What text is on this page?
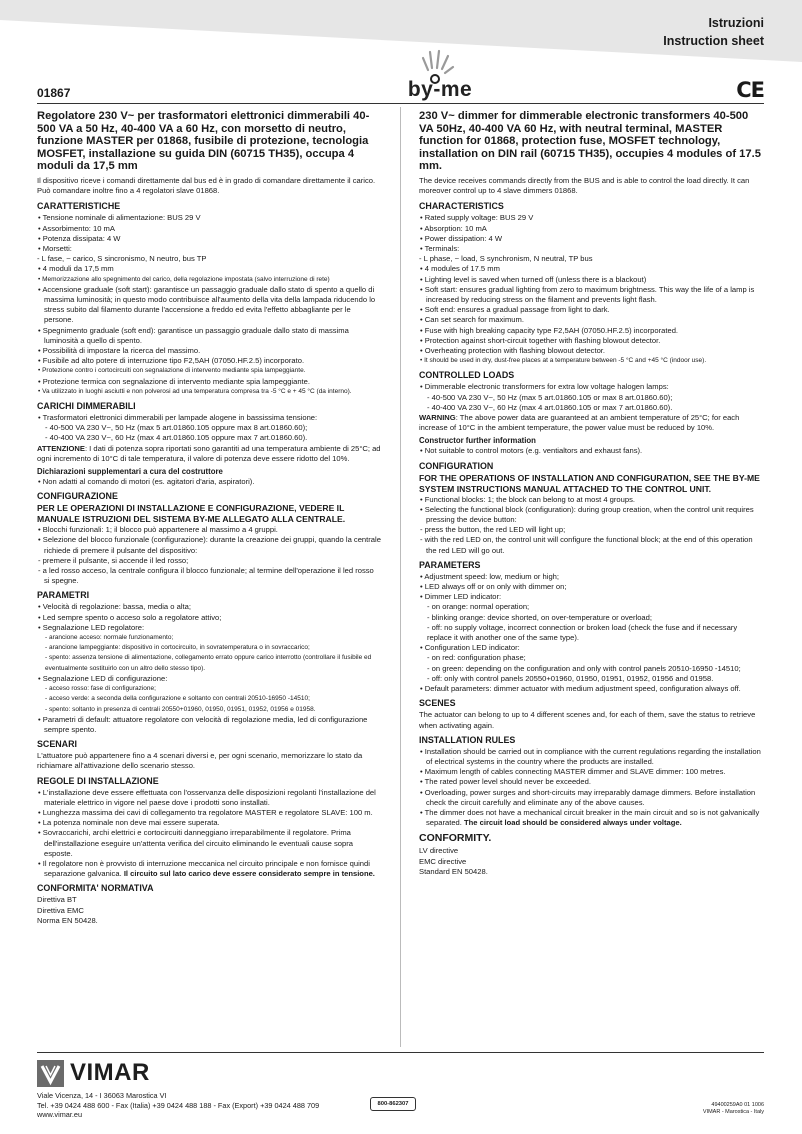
Istruzioni
Instruction sheet
by-me
01867	CE
Regolatore 230 V~ per trasformatori elettronici dimmerabili 40-500 VA a 50 Hz, 40-400 VA a 60 Hz, con morsetto di neutro, funzione MASTER per 01868, fusibile di protezione, tecnologia MOSFET, installazione su guida DIN (60715 TH35), occupa 4 moduli da 17,5 mm

Il dispositivo riceve i comandi direttamente dal bus ed è in grado di comandare direttamente il carico. Può comandare inoltre fino a 4 regolatori slave 01868.

CARATTERISTICHE
• Tensione nominale di alimentazione: BUS 29 V
• Assorbimento: 10 mA
• Potenza dissipata: 4 W
• Morsetti:

- L fase, ~ carico, S sincronismo, N neutro, bus TP

• 4 moduli da 17,5 mm
• Memorizzazione allo spegnimento del carico, della regolazione impostata (salvo interruzione di rete)
• Accensione graduale (soft start): garantisce un passaggio graduale dallo stato di spento a quello di massima luminosità; in questo modo contribuisce all'aumento della vita della lampada riducendo lo stress subito dal filamento durante l'accensione a freddo ed evita l'effetto abbagliante per le persone.
• Spegnimento graduale (soft end): garantisce un passaggio graduale dallo stato di massima luminosità a quello di spento.
• Possibilità di impostare la ricerca del massimo.
• Fusibile ad alto potere di interruzione tipo F2,5AH (07050.HF.2.5) incorporato.
• Protezione contro i cortocircuiti con segnalazione di intervento mediante spia lampeggiante.
• Protezione termica con segnalazione di intervento mediante spia lampeggiante.
• Va utilizzato in luoghi asciutti e non polverosi ad una temperatura compresa tra -5 °C e + 45 °C (da interno).
CARICHI DIMMERABILI
• Trasformatori elettronici dimmerabili per lampade alogene in bassissima tensione:
- 40-500 VA 230 V~, 50 Hz (max 5 art.01860.105 oppure max 8 art.01860.60);
- 40-400 VA 230 V~, 60 Hz (max 4 art.01860.105 oppure max 7 art.01860.60).

ATTENZIONE: I dati di potenza sopra riportati sono garantiti ad una temperatura ambiente di 25°C; ad ogni incremento di 10°C di tale temperatura, il valore di potenza deve essere ridotto del 10%.

Dichiarazioni supplementari a cura del costruttore
• Non adatti al comando di motori (es. agitatori d'aria, aspiratori).
CONFIGURAZIONE

PER LE OPERAZIONI DI INSTALLAZIONE E CONFIGURAZIONE, VEDERE IL MANUALE ISTRUZIONI DEL SISTEMA BY-ME ALLEGATO ALLA CENTRALE.

• Blocchi funzionali: 1; il blocco può appartenere al massimo a 4 gruppi.
• Selezione del blocco funzionale (configurazione): durante la creazione dei gruppi, quando la centrale richiede di premere il pulsante del dispositivo:
- premere il pulsante, si accende il led rosso;
- a led rosso acceso, la centrale configura il blocco funzionale; al termine dell'operazione il led rosso si spegne.
PARAMETRI
• Velocità di regolazione: bassa, media o alta;
• Led sempre spento o acceso solo a regolatore attivo;
• Segnalazione LED regolatore:
- arancione acceso: normale funzionamento;
- arancione lampeggiante: dispositivo in cortocircuito, in sovratemperatura o in sovraccarico;
- spento: assenza tensione di alimentazione, collegamento errato oppure carico interrotto (controllare il fusibile ed eventualmente sostituirlo con un altro dello stesso tipo).
• Segnalazione LED di configurazione:
- acceso rosso: fase di configurazione;
- acceso verde: a seconda della configurazione e soltanto con centrali 20510-16950 -14510;
- spento: soltanto in presenza di centrali 20550+01960, 01950, 01951, 01952, 01956 e 01958.
• Parametri di default: attuatore regolatore con velocità di regolazione media, led di configurazione sempre spento.
SCENARI

L'attuatore può appartenere fino a 4 scenari diversi e, per ogni scenario, memorizzare lo stato da richiamare all'attivazione dello scenario stesso.

REGOLE DI INSTALLAZIONE
• L'installazione deve essere effettuata con l'osservanza delle disposizioni regolanti l'installazione del materiale elettrico in vigore nel paese dove i prodotti sono installati.
• Lunghezza massima dei cavi di collegamento tra regolatore MASTER e regolatore SLAVE: 100 m.
• La potenza nominale non deve mai essere superata.
• Sovraccarichi, archi elettrici e cortocircuiti danneggiano irreparabilmente il regolatore. Prima dell'installazione eseguire un'attenta verifica del circuito eliminando le eventuali cause sopra esposte.
• Il regolatore non è provvisto di interruzione meccanica nel circuito principale e non fornisce quindi separazione galvanica. Il circuito sul lato carico deve essere considerato sempre in tensione.
CONFORMITA' NORMATIVA

Direttiva BT

Direttiva EMC

Norma EN 50428.

230 V~ dimmer for dimmerable electronic transformers 40-500 VA 50Hz, 40-400 VA 60 Hz, with neutral terminal, MASTER function for 01868, protection fuse, MOSFET technology, installation on DIN rail (60715 TH35), occupies 4 modules of 17.5 mm.

The device receives commands directly from the BUS and is able to control the load directly. It can moreover control up to 4 slave dimmers 01868.

CHARACTERISTICS
• Rated supply voltage: BUS 29 V
• Absorption: 10 mA
• Power dissipation: 4 W
• Terminals:

- L phase, ~ load, S synchronism, N neutral, TP bus

• 4 modules of 17.5 mm
• Lighting level is saved when turned off (unless there is a blackout)
• Soft start: ensures gradual lighting from zero to maximum brightness. This way the life of a lamp is increased by reducing stress on the filament and prevents light flash.
• Soft end: ensures a gradual passage from light to dark.
• Can set search for maximum.
• Fuse with high breaking capacity type F2,5AH (07050.HF.2.5) incorporated.
• Protection against short-circuit together with flashing blowout detector.
• Overheating protection with flashing blowout detector.
• It should be used in dry, dust-free places at a temperature between -5 °C and +45 °C (indoor use).
CONTROLLED LOADS
• Dimmerable electronic transformers for extra low voltage halogen lamps:
- 40-500 VA 230 V~, 50 Hz (max 5 art.01860.105 or max 8 art.01860.60);
- 40-400 VA 230 V~, 60 Hz (max 4 art.01860.105 or max 7 art.01860.60).

WARNING: The above power data are guaranteed at an ambient temperature of 25°C; for each increase of 10°C in the ambient temperature, the power value must be reduced by 10%.

Constructor further information
• Not suitable to control motors (e.g. ventialtors and exhaust fans).
CONFIGURATION

FOR THE OPERATIONS OF INSTALLATION AND CONFIGURATION, SEE THE BY-ME SYSTEM INSTRUCTIONS MANUAL ATTACHED TO THE CONTROL UNIT.

• Functional blocks: 1; the block can belong to at most 4 groups.
• Selecting the functional block (configuration): during group creation, when the control unit requires pressing the device button:
- press the button, the red LED will light up;
- with the red LED on, the control unit will configure the functional block; at the end of this operation the red LED will go out.
PARAMETERS
• Adjustment speed: low, medium or high;
• LED always off or on only with dimmer on;
• Dimmer LED indicator:
- on orange: normal operation;
- blinking orange: device shorted, on over-temperature or overload;
- off: no supply voltage, incorrect connection or broken load (check the fuse and if necessary replace it with another one of the same type).
• Configuration LED indicator:
- on red: configuration phase;
- on green: depending on the configuration and only with control panels 20510-16950 -14510;
- off: only with control panels 20550+01960, 01950, 01951, 01952, 01956 and 01958.
• Default parameters: dimmer actuator with medium adjustment speed, configuration always off.
SCENES

The actuator can belong to up to 4 different scenes and, for each of them, save the status to retrieve when activating again.

INSTALLATION RULES
• Installation should be carried out in compliance with the current regulations regarding the installation of electrical systems in the country where the products are installed.
• Maximum length of cables connecting MASTER dimmer and SLAVE dimmer: 100 metres.
• The rated power level should never be exceeded.
• Overloading, power surges and short-circuits may irreparably damage dimmers. Before installation check the circuit carefully and eliminate any of the above causes.
• The dimmer does not have a mechanical circuit breaker in the main circuit and so is not galvanically separated. The circuit load should be considered always under voltage.
CONFORMITY.

LV directive

EMC directive

Standard EN 50428.

VIMAR
Viale Vicenza, 14 - I 36063 Marostica VI
Tel. +39 0424 488 600 - Fax (Italia) +39 0424 488 188 - Fax (Export) +39 0424 488 709
www.vimar.eu
800-862307	49400259A0 01 1006
VIMAR - Marostica - Italy
